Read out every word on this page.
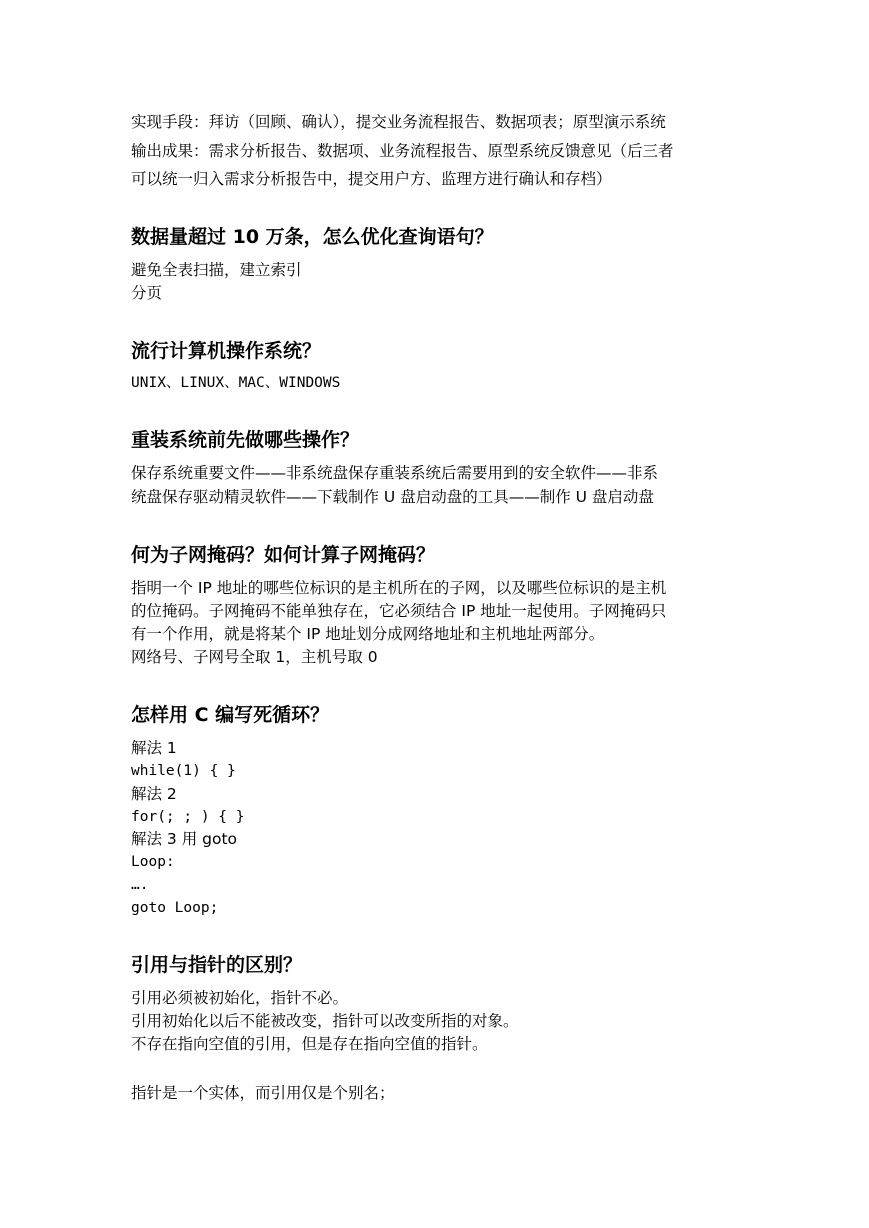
实现手段：拜访（回顾、确认），提交业务流程报告、数据项表；原型演示系统
输出成果：需求分析报告、数据项、业务流程报告、原型系统反馈意见（后三者
可以统一归入需求分析报告中，提交用户方、监理方进行确认和存档）
数据量超过 10 万条，怎么优化查询语句？
避免全表扫描，建立索引
分页
流行计算机操作系统？
UNIX、LINUX、MAC、WINDOWS
重装系统前先做哪些操作？
保存系统重要文件——非系统盘保存重装系统后需要用到的安全软件——非系
统盘保存驱动精灵软件——下载制作 U 盘启动盘的工具——制作 U 盘启动盘
何为子网掩码？如何计算子网掩码？
指明一个 IP 地址的哪些位标识的是主机所在的子网，以及哪些位标识的是主机
的位掩码。子网掩码不能单独存在，它必须结合 IP 地址一起使用。子网掩码只
有一个作用，就是将某个 IP 地址划分成网络地址和主机地址两部分。
网络号、子网号全取 1，主机号取 0
怎样用 C 编写死循环？
解法 1
while(1) { }
解法 2
for(; ; ) { }
解法 3 用 goto
Loop:
….
goto Loop;
引用与指针的区别？
引用必须被初始化，指针不必。
引用初始化以后不能被改变，指针可以改变所指的对象。
不存在指向空值的引用，但是存在指向空值的指针。
指针是一个实体，而引用仅是个别名；
